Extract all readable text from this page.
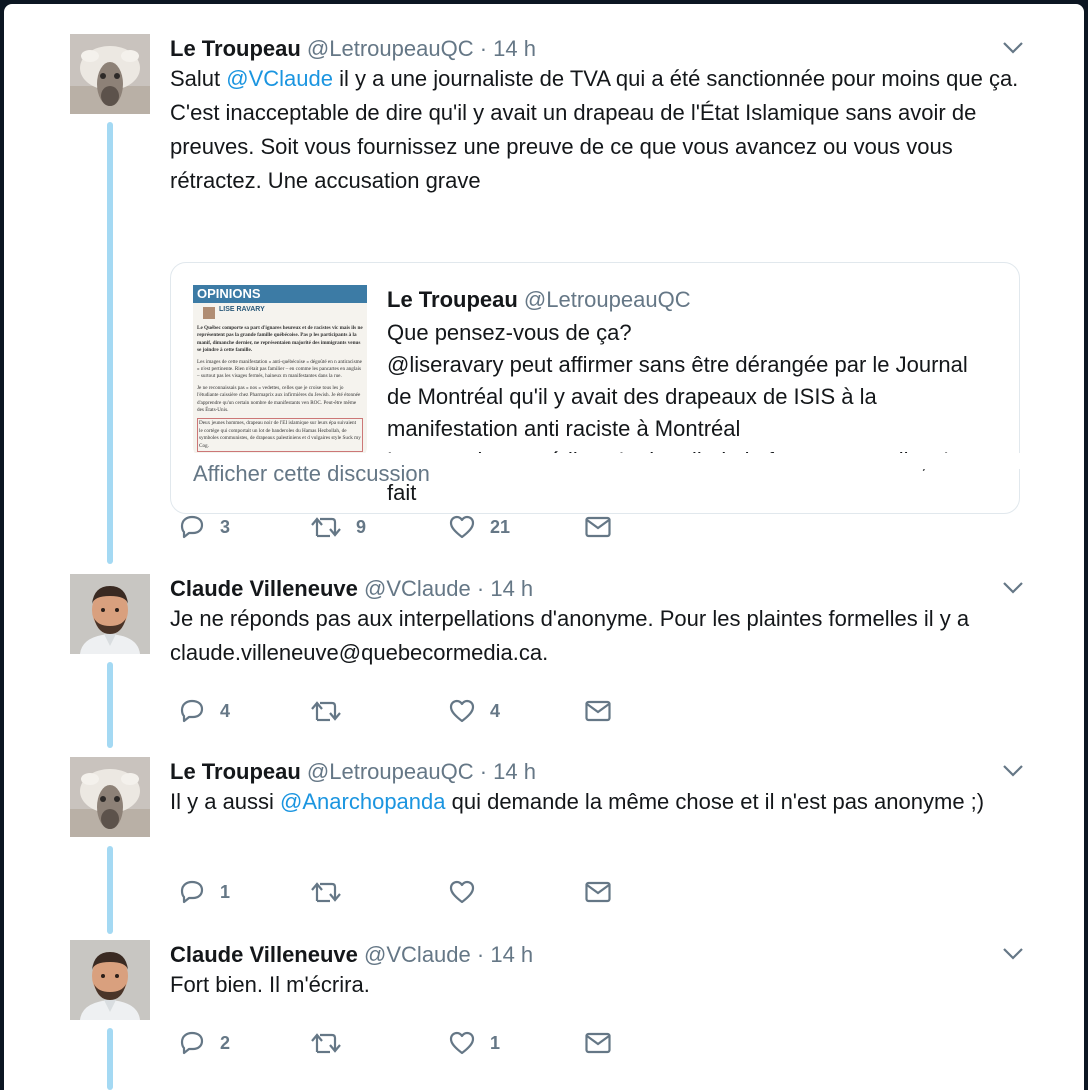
Le Troupeau @LetroupeauQC · 14 h
Salut @VClaude il y a une journaliste de TVA qui a été sanctionnée pour moins que ça. C'est inacceptable de dire qu'il y avait un drapeau de l'État Islamique sans avoir de preuves. Soit vous fournissez une preuve de ce que vous avancez ou vous vous rétractez. Une accusation grave
OPINIONS
LISE RAVARY

Le Québec comporte sa part d'ignares heureux et de racistes vic mais ils ne représentent pas la grande famille québécoise. Pas p les participants à la manif, dimanche dernier, ne représentaien majorité des immigrants venus se joindre à cette famille.

Les images de cette manifestation « anti-québécoise » dégoûté en n antiracisme » n'est pertinente. Rien n'était pas familier – en comme les pancartes en anglais – surtout pas les visages fermés, haineux m manifestantes dans la rue.

Je ne reconnaissais pas « nos » vedettes, celles que je croise tous les jo l'étudiante caissière chez Pharmaprix aux infirmières du Jewish. Je été étonnée d'apprendre qu'un certain nombre de manifestants ven ROC. Peut-être même des États-Unis.

Deux jeunes hommes, drapeau noir de l'EI islamique sur leurs épa suivaient le cortège qui comportait un lot de banderoles du Hamas Hezbollah, de symboles communistes, de drapeaux palestiniens et d vulgaires style Suck my Cog.

Le Troupeau @LetroupeauQC
Que pensez-vous de ça?
@liseravary peut affirmer sans être dérangée par le Journal de Montréal qu'il y avait des drapeaux de ISIS à la manifestation anti raciste à Montréal
fait
Afficher cette discussion
3	9	21
Claude Villeneuve @VClaude · 14 h
Je ne réponds pas aux interpellations d'anonyme. Pour les plaintes formelles il y a claude.villeneuve@quebecormedia.ca.
4	4
Le Troupeau @LetroupeauQC · 14 h
Il y a aussi @Anarchopanda qui demande la même chose et il n'est pas anonyme ;)
1
Claude Villeneuve @VClaude · 14 h
Fort bien. Il m'écrira.
2	1
